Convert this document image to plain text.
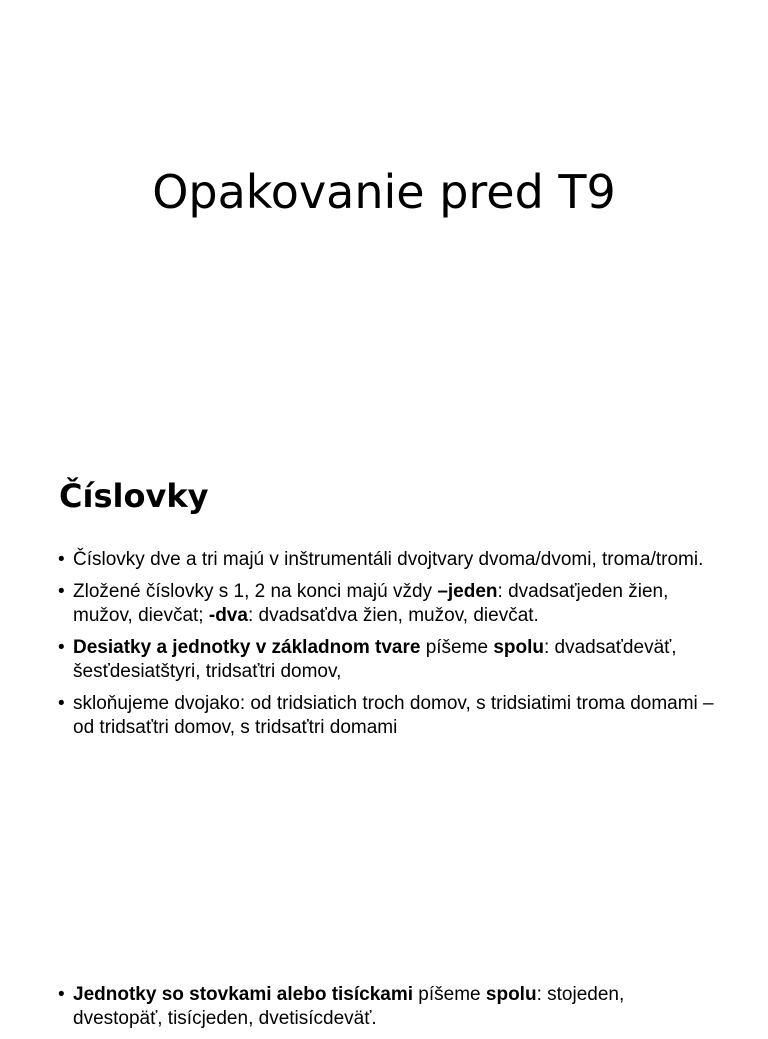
Opakovanie pred T9
Číslovky
• Číslovky dve a tri majú v inštrumentáli dvojtvary dvoma/dvomi, troma/tromi.
• Zložené číslovky s 1, 2 na konci majú vždy –jeden: dvadsaťjeden žien, mužov, dievčat; -dva: dvadsaťdva žien, mužov, dievčat.
• Desiatky a jednotky v základnom tvare píšeme spolu: dvadsaťdeväť, šesťdesiatštyri, tridsaťtri domov,
• skloňujeme dvojako: od tridsiatich troch domov, s tridsiatimi troma domami – od tridsaťtri domov, s tridsaťtri domami
• Jednotky so stovkami alebo tisíckami píšeme spolu: stojeden, dvestopäť, tisícjeden, dvetisícdeväť.
